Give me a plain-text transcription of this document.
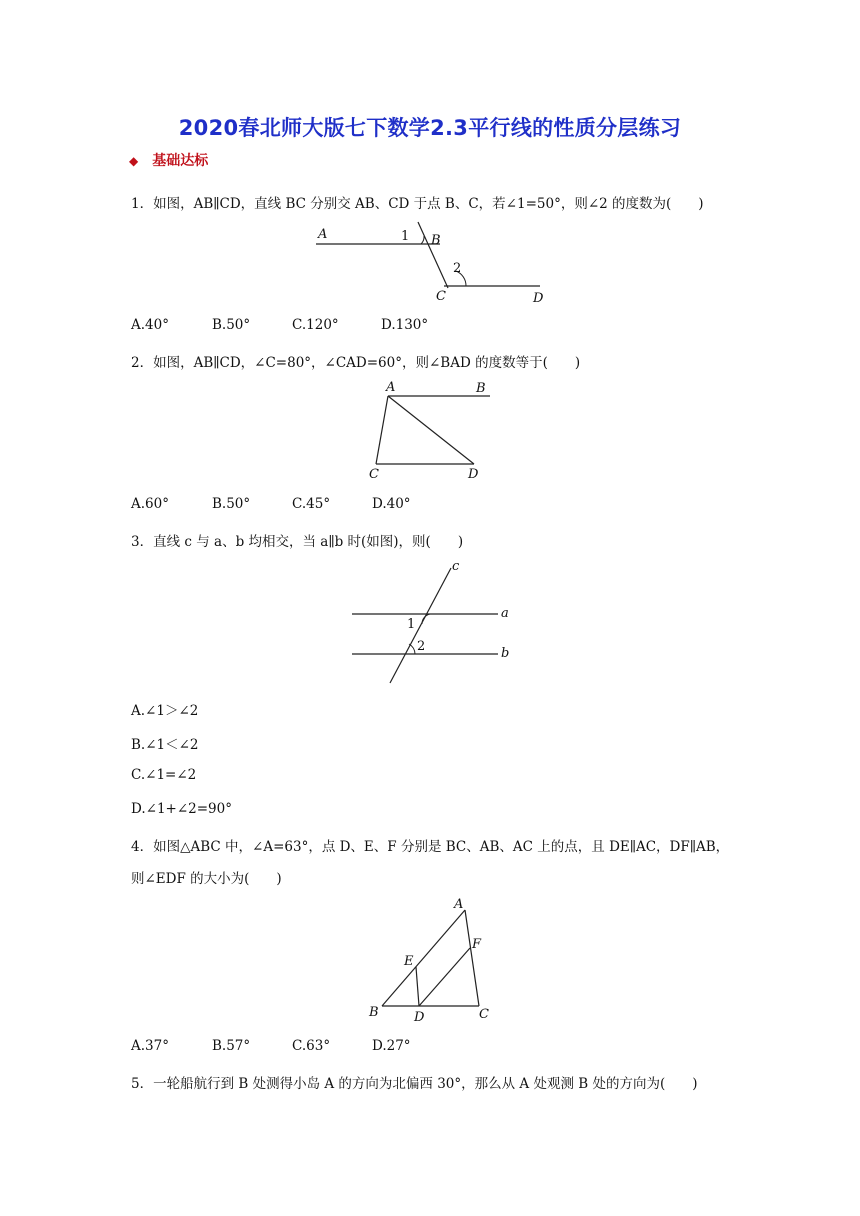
2020春北师大版七下数学2.3平行线的性质分层练习
◆ 基础达标
1．如图，AB∥CD，直线 BC 分别交 AB、CD 于点 B、C，若∠1=50°，则∠2 的度数为(　　)
A	1 B
2
C	D
A.40°	B.50°	C.120°	D.130°
2．如图，AB∥CD，∠C=80°，∠CAD=60°，则∠BAD 的度数等于(　　)
A	B
C	D
A.60°	B.50°	C.45°	D.40°
3．直线 c 与 a、b 均相交，当 a∥b 时(如图)，则(　　)
c
a
b
1
2
A.∠1＞∠2
B.∠1＜∠2
C.∠1=∠2
D.∠1+∠2=90°
4．如图△ABC 中，∠A=63°，点 D、E、F 分别是 BC、AB、AC 上的点，且 DE∥AC，DF∥AB，
则∠EDF 的大小为(　　)
A
E
F
B	D	C
A.37°	B.57°	C.63°	D.27°
5．一轮船航行到 B 处测得小岛 A 的方向为北偏西 30°，那么从 A 处观测 B 处的方向为(　　)
